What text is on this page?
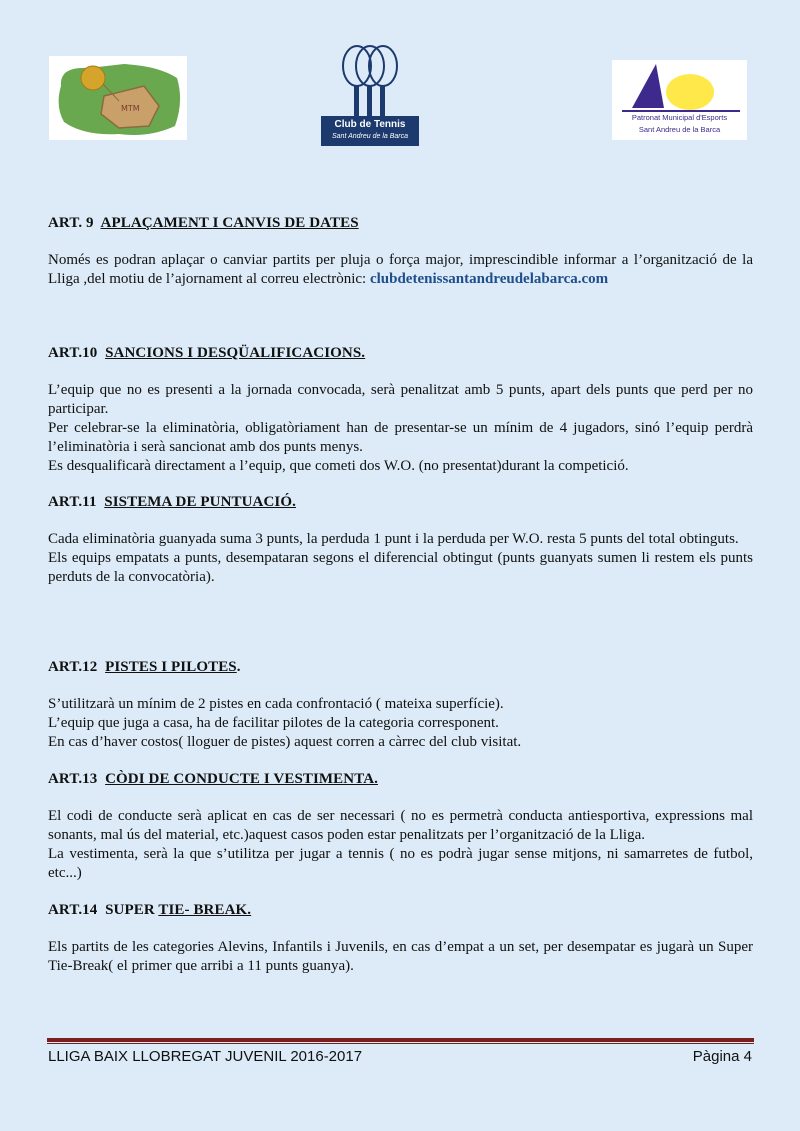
MTM
Club de Tennis
Sant Andreu de la Barca
Patronat Municipal d'Esports
Sant Andreu de la Barca
ART. 9 APLAÇAMENT I CANVIS DE DATES

Només es podran aplaçar o canviar partits per pluja o força major, imprescindible informar a l’organització de la Lliga ,del motiu de l’ajornament al correu electrònic: clubdetenissantandreudelabarca.com

ART.10 SANCIONS I DESQÜALIFICACIONS.

L’equip que no es presenti a la jornada convocada, serà penalitzat amb 5 punts, apart dels punts que perd per no participar.

Per celebrar-se la eliminatòria, obligatòriament han de presentar-se un mínim de 4 jugadors, sinó l’equip perdrà l’eliminatòria i serà sancionat amb dos punts menys.

Es desqualificarà directament a l’equip, que cometi dos W.O. (no presentat)durant la competició.

ART.11 SISTEMA DE PUNTUACIÓ.

Cada eliminatòria guanyada suma 3 punts, la perduda 1 punt i la perduda per W.O. resta 5 punts del total obtinguts.

Els equips empatats a punts, desempataran segons el diferencial obtingut (punts guanyats sumen li restem els punts perduts de la convocatòria).

ART.12 PISTES I PILOTES.

S’utilitzarà un mínim de 2 pistes en cada confrontació ( mateixa superfície).

L’equip que juga a casa, ha de facilitar pilotes de la categoria corresponent.

En cas d’haver costos( lloguer de pistes) aquest corren a càrrec del club visitat.

ART.13 CÒDI DE CONDUCTE I VESTIMENTA.

El codi de conducte serà aplicat en cas de ser necessari ( no es permetrà conducta antiesportiva, expressions mal sonants, mal ús del material, etc.)aquest casos poden estar penalitzats per l’organització de la Lliga.

La vestimenta, serà la que s’utilitza per jugar a tennis ( no es podrà jugar sense mitjons, ni samarretes de futbol, etc...)

ART.14 SUPER TIE- BREAK.

Els partits de les categories Alevins, Infantils i Juvenils, en cas d’empat a un set, per desempatar es jugarà un Super Tie-Break( el primer que arribi a 11 punts guanya).

LLIGA BAIX LLOBREGAT JUVENIL 2016-2017	Pàgina 4
